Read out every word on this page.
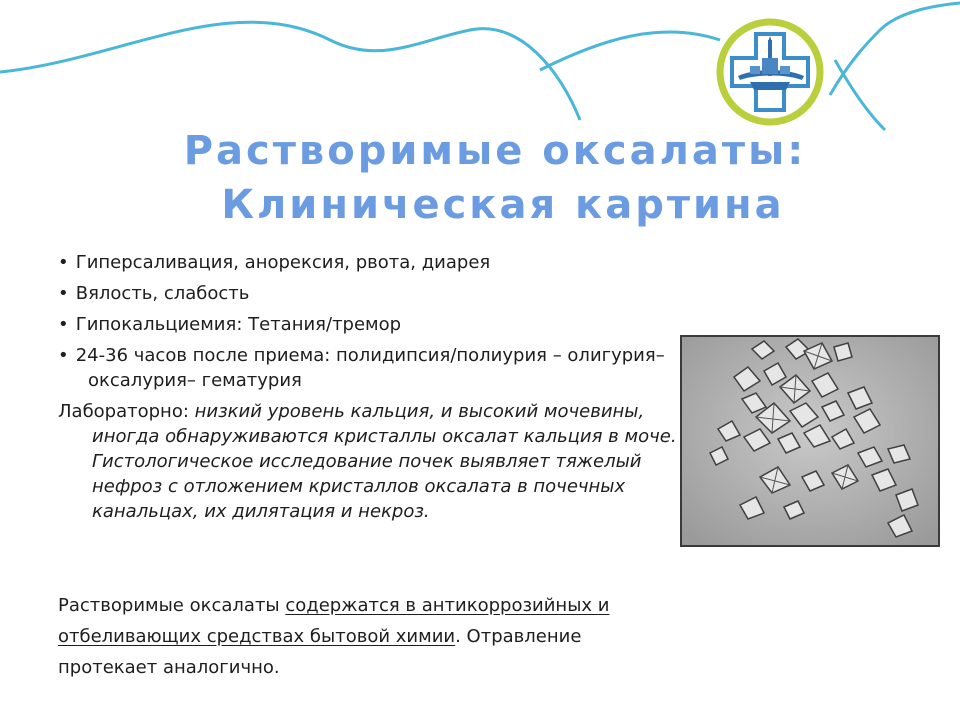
Растворимые оксалаты:
Клиническая картина
• Гиперсаливация, анорексия, рвота, диарея
• Вялость, слабость
• Гипокальциемия: Тетания/тремор
• 24-36 часов после приема: полидипсия/полиурия – олигурия– оксалурия– гематурия
Лабораторно: низкий уровень кальция, и высокий мочевины, иногда обнаруживаются кристаллы оксалат кальция в моче. Гистологическое исследование почек выявляет тяжелый нефроз с отложением кристаллов оксалата в почечных канальцах, их дилятация и некроз.
Растворимые оксалаты содержатся в антикоррозийных и отбеливающих средствах бытовой химии. Отравление протекает аналогично.
